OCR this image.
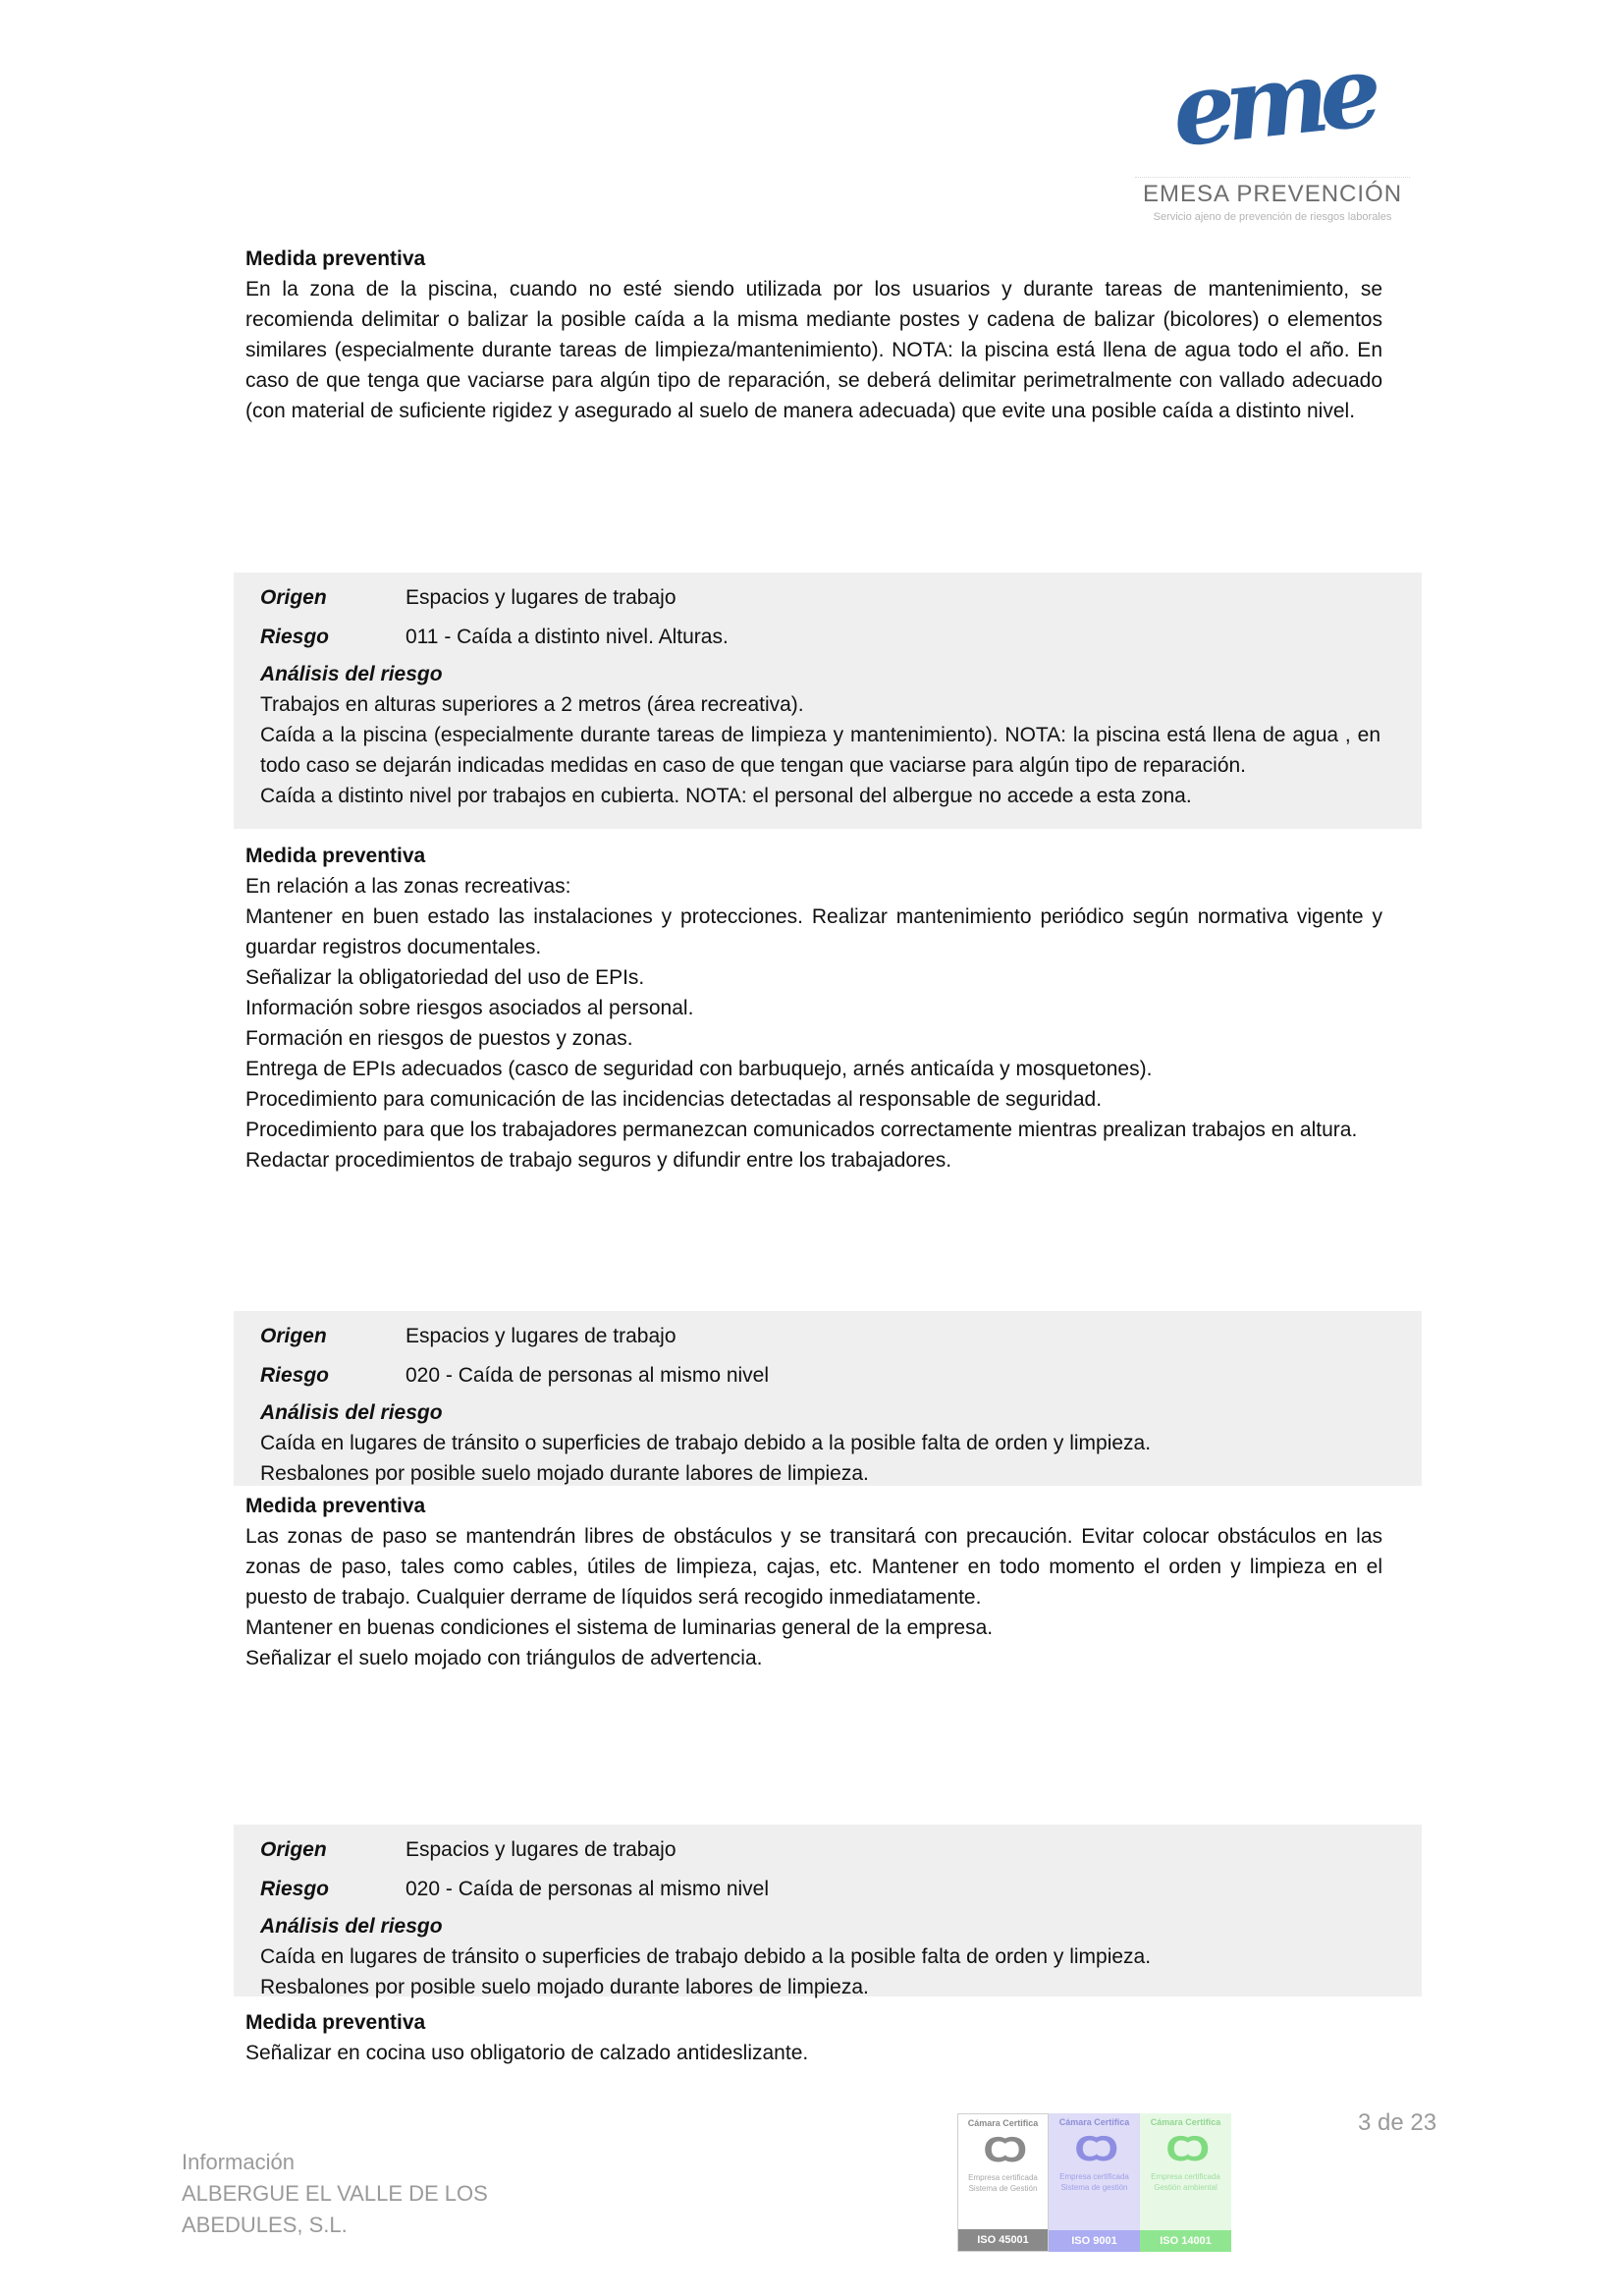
eme
EMESA PREVENCIÓN
Servicio ajeno de prevención de riesgos laborales
Medida preventiva

En la zona de la piscina, cuando no esté siendo utilizada por los usuarios y durante tareas de mantenimiento, se recomienda delimitar o balizar la posible caída a la misma mediante postes y cadena de balizar (bicolores) o elementos similares (especialmente durante tareas de limpieza/mantenimiento). NOTA: la piscina está llena de agua todo el año. En caso de que tenga que vaciarse para algún tipo de reparación, se deberá delimitar perimetralmente con vallado adecuado (con material de suficiente rigidez y asegurado al suelo de manera adecuada) que evite una posible caída a distinto nivel.

Origen	Espacios y lugares de trabajo
Riesgo	011 - Caída a distinto nivel. Alturas.
Análisis del riesgo

Trabajos en alturas superiores a 2 metros (área recreativa).

Caída a la piscina (especialmente durante tareas de limpieza y mantenimiento). NOTA: la piscina está llena de agua , en todo caso se dejarán indicadas medidas en caso de que tengan que vaciarse para algún tipo de reparación.

Caída a distinto nivel por trabajos en cubierta. NOTA: el personal del albergue no accede a esta zona.

Medida preventiva

En relación a las zonas recreativas:

Mantener en buen estado las instalaciones y protecciones. Realizar mantenimiento periódico según normativa vigente y guardar registros documentales.

Señalizar la obligatoriedad del uso de EPIs.

Información sobre riesgos asociados al personal.

Formación en riesgos de puestos y zonas.

Entrega de EPIs adecuados (casco de seguridad con barbuquejo, arnés anticaída y mosquetones).

Procedimiento para comunicación de las incidencias detectadas al responsable de seguridad.

Procedimiento para que los trabajadores permanezcan comunicados correctamente mientras prealizan trabajos en altura.

Redactar procedimientos de trabajo seguros y difundir entre los trabajadores.

Origen	Espacios y lugares de trabajo
Riesgo	020 - Caída de personas al mismo nivel
Análisis del riesgo

Caída en lugares de tránsito o superficies de trabajo debido a la posible falta de orden y limpieza.

Resbalones por posible suelo mojado durante labores de limpieza.

Medida preventiva

Las zonas de paso se mantendrán libres de obstáculos y se transitará con precaución. Evitar colocar obstáculos en las zonas de paso, tales como cables, útiles de limpieza, cajas, etc. Mantener en todo momento el orden y limpieza en el puesto de trabajo. Cualquier derrame de líquidos será recogido inmediatamente.

Mantener en buenas condiciones el sistema de luminarias general de la empresa.

Señalizar el suelo mojado con triángulos de advertencia.

Origen	Espacios y lugares de trabajo
Riesgo	020 - Caída de personas al mismo nivel
Análisis del riesgo

Caída en lugares de tránsito o superficies de trabajo debido a la posible falta de orden y limpieza.

Resbalones por posible suelo mojado durante labores de limpieza.

Medida preventiva

Señalizar en cocina uso obligatorio de calzado antideslizante.

Información
ALBERGUE EL VALLE DE LOS
ABEDULES, S.L.
Cámara Certifica
CƆ
Empresa certificada
Sistema de Gestión
ISO 45001
Cámara Certifica
CƆ
Empresa certificada
Sistema de gestión
ISO 9001
Cámara Certifica
CƆ
Empresa certificada
Gestión ambiental
ISO 14001
3 de 23
